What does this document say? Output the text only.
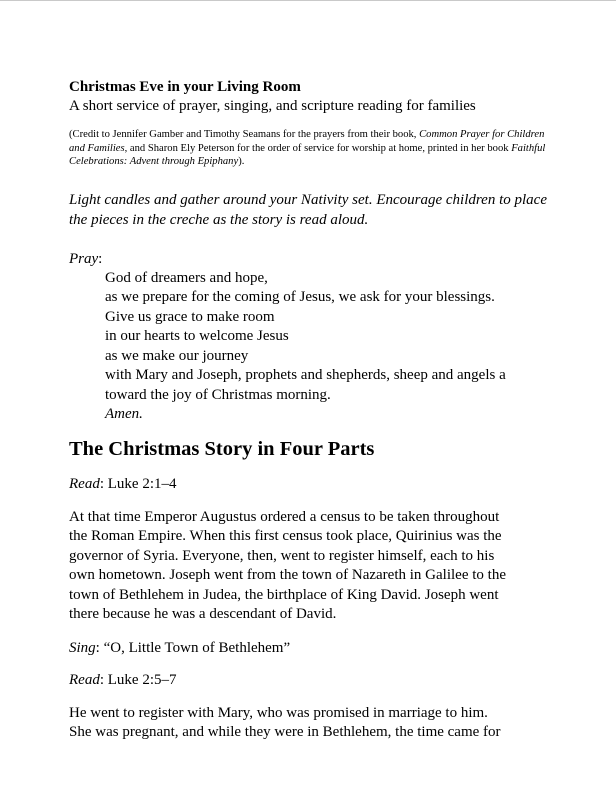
Christmas Eve in your Living Room

A short service of prayer, singing, and scripture reading for families

(Credit to Jennifer Gamber and Timothy Seamans for the prayers from their book, Common Prayer for Children and Families, and Sharon Ely Peterson for the order of service for worship at home, printed in her book Faithful Celebrations: Advent through Epiphany).

Light candles and gather around your Nativity set. Encourage children to place the pieces in the creche as the story is read aloud.

Pray:

God of dreamers and hope,
as we prepare for the coming of Jesus, we ask for your blessings.
Give us grace to make room
in our hearts to welcome Jesus
as we make our journey
with Mary and Joseph, prophets and shepherds, sheep and angels a
toward the joy of Christmas morning.
Amen.
The Christmas Story in Four Parts

Read: Luke 2:1–4

At that time Emperor Augustus ordered a census to be taken throughout
the Roman Empire. When this first census took place, Quirinius was the
governor of Syria. Everyone, then, went to register himself, each to his
own hometown. Joseph went from the town of Nazareth in Galilee to the
town of Bethlehem in Judea, the birthplace of King David. Joseph went
there because he was a descendant of David.

Sing: “O, Little Town of Bethlehem”

Read: Luke 2:5–7

He went to register with Mary, who was promised in marriage to him.
She was pregnant, and while they were in Bethlehem, the time came for
